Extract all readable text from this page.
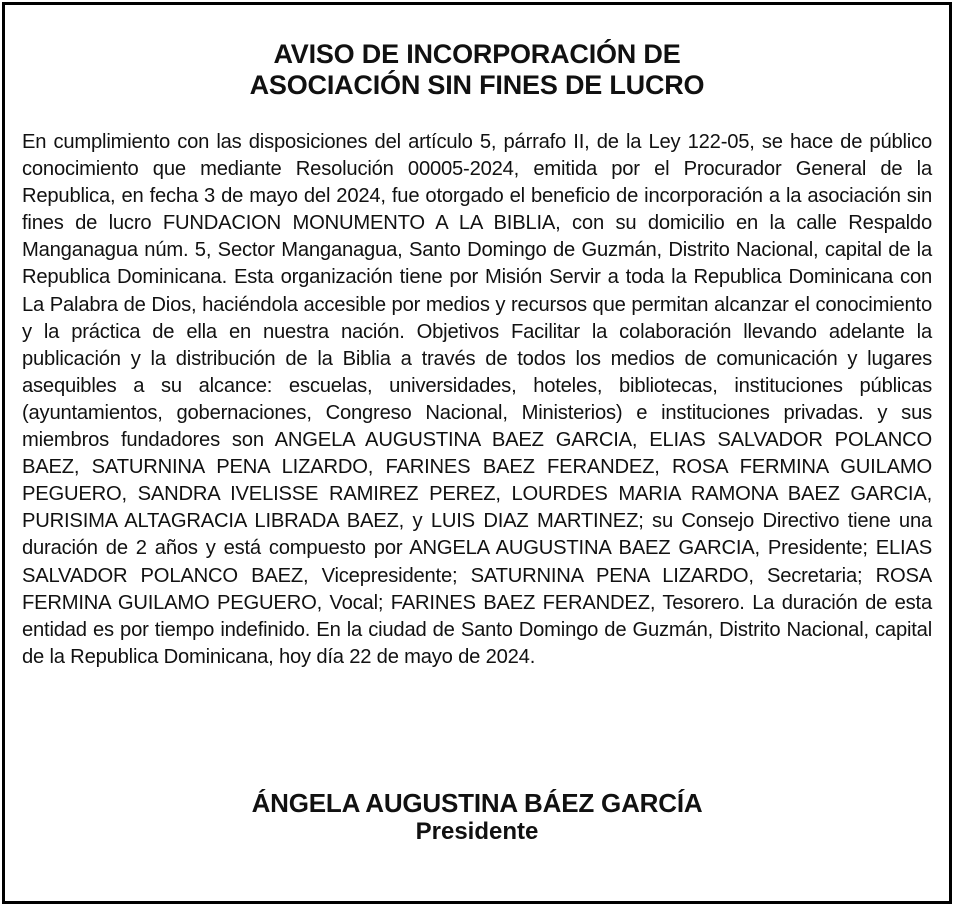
AVISO DE INCORPORACIÓN DE
ASOCIACIÓN SIN FINES DE LUCRO
En cumplimiento con las disposiciones del artículo 5, párrafo II, de la Ley 122-05, se hace de público conocimiento que mediante Resolución 00005-2024, emitida por el Procurador General de la Republica, en fecha 3 de mayo del 2024, fue otorgado el beneficio de incorporación a la asociación sin fines de lucro FUNDACION MONUMENTO A LA BIBLIA, con su domicilio en la calle Respaldo Manganagua núm. 5, Sector Manganagua, Santo Domingo de Guzmán, Distrito Nacional, capital de la Republica Dominicana. Esta organización tiene por Misión Servir a toda la Republica Dominicana con La Palabra de Dios, haciéndola accesible por medios y recursos que permitan alcanzar el conocimiento y la práctica de ella en nuestra nación. Objetivos Facilitar la colaboración llevando adelante la publicación y la distribución de la Biblia a través de todos los medios de comunicación y lugares asequibles a su alcance: escuelas, universidades, hoteles, bibliotecas, instituciones públicas (ayuntamientos, gobernaciones, Congreso Nacional, Ministerios) e instituciones privadas. y sus miembros fundadores son ANGELA AUGUSTINA BAEZ GARCIA, ELIAS SALVADOR POLANCO BAEZ, SATURNINA PENA LIZARDO, FARINES BAEZ FERANDEZ, ROSA FERMINA GUILAMO PEGUERO, SANDRA IVELISSE RAMIREZ PEREZ, LOURDES MARIA RAMONA BAEZ GARCIA, PURISIMA ALTAGRACIA LIBRADA BAEZ, y LUIS DIAZ MARTINEZ; su Consejo Directivo tiene una duración de 2 años y está compuesto por ANGELA AUGUSTINA BAEZ GARCIA, Presidente; ELIAS SALVADOR POLANCO BAEZ, Vicepresidente; SATURNINA PENA LIZARDO, Secretaria; ROSA FERMINA GUILAMO PEGUERO, Vocal; FARINES BAEZ FERANDEZ, Tesorero. La duración de esta entidad es por tiempo indefinido. En la ciudad de Santo Domingo de Guzmán, Distrito Nacional, capital de la Republica Dominicana, hoy día 22 de mayo de 2024.
ÁNGELA AUGUSTINA BÁEZ GARCÍA
Presidente
